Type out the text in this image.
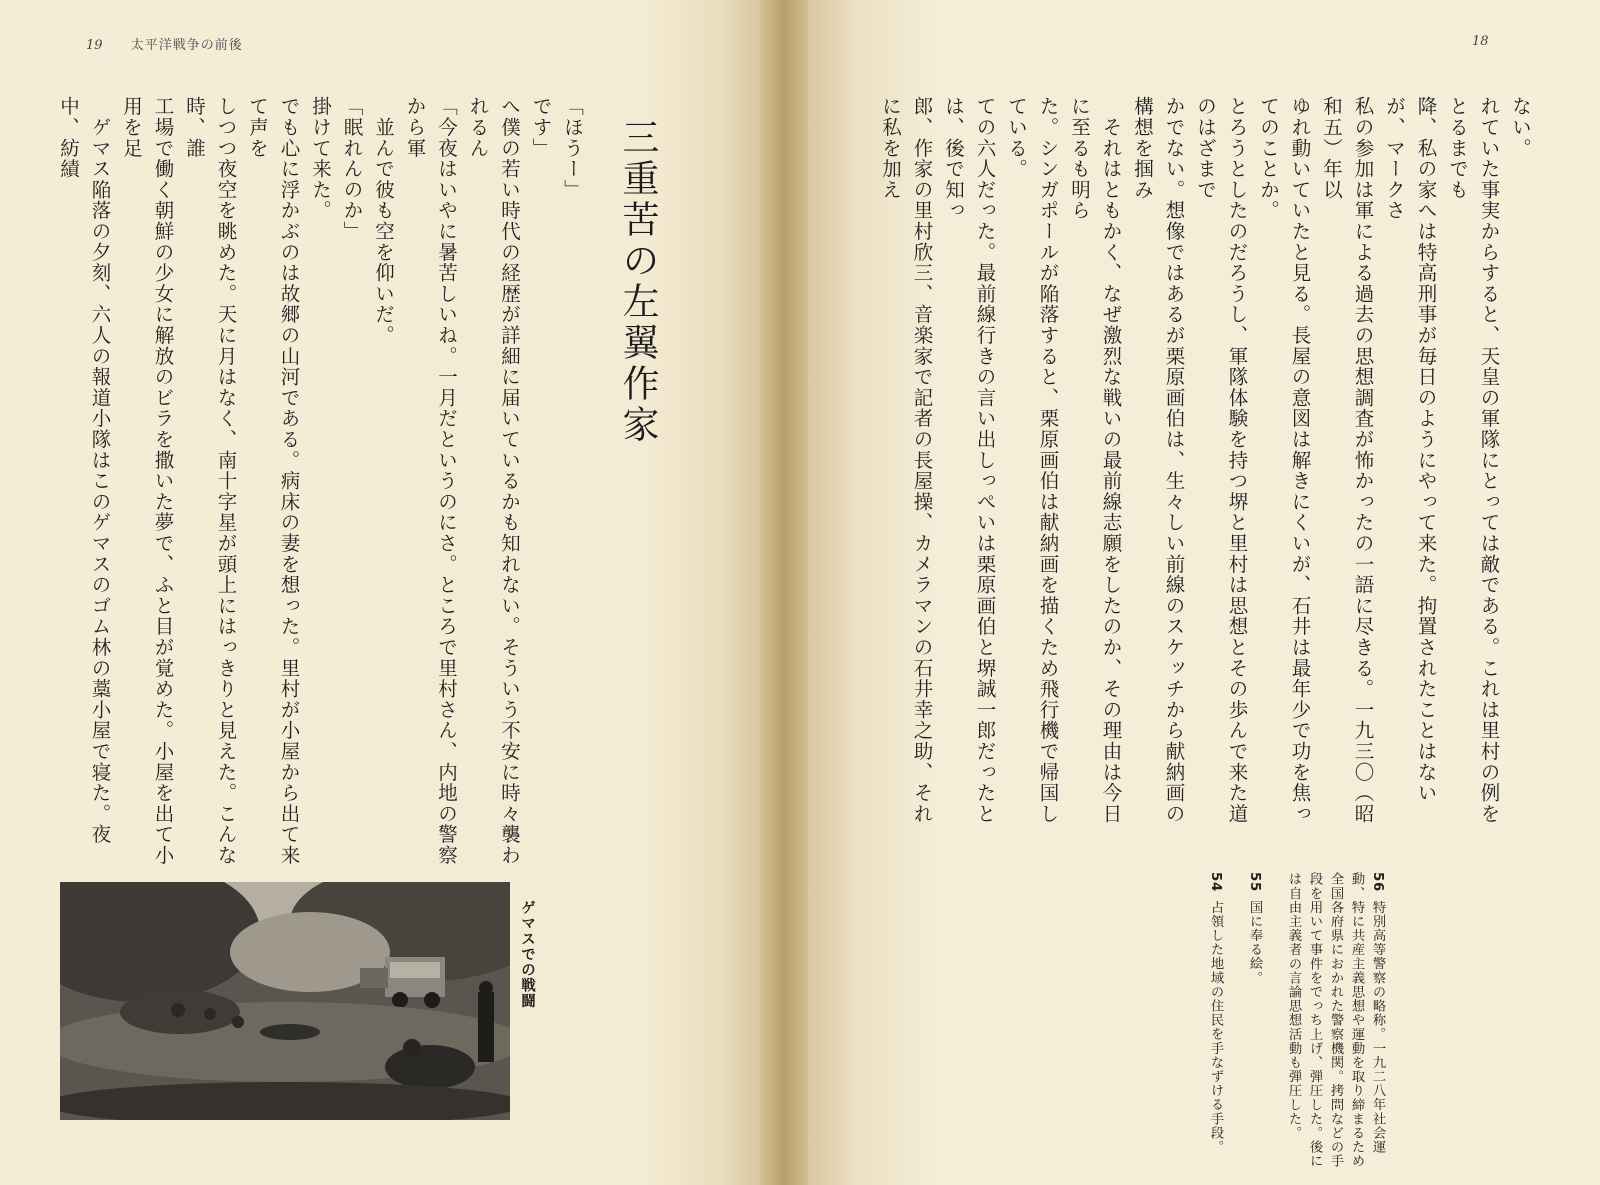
19 太平洋戦争の前後

「ほうー」

です」

へ僕の若い時代の経歴が詳細に届いているかも知れない。そういう不安に時々襲われるん

「今夜はいやに暑苦しいね。一月だというのにさ。ところで里村さん、内地の警察から軍

　並んで彼も空を仰いだ。

「眠れんのか」

掛けて来た。

でも心に浮かぶのは故郷の山河である。病床の妻を想った。里村が小屋から出て来て声を

しつつ夜空を眺めた。天に月はなく、南十字星が頭上にはっきりと見えた。こんな時、誰

工場で働く朝鮮の少女に解放のビラを撒いた夢で、ふと目が覚めた。小屋を出て小用を足

　ゲマス陥落の夕刻、六人の報道小隊はこのゲマスのゴム林の藁小屋で寝た。夜中、紡績	三重苦の左翼作家
ゲマスでの戦闘
18

ない。

れていた事実からすると、天皇の軍隊にとっては敵である。これは里村の例をとるまでも

降、私の家へは特高刑事が毎日のようにやって来た。拘置されたことはないが、マークさ

私の参加は軍による過去の思想調査が怖かったの一語に尽きる。一九三〇（昭和五）年以

ゆれ動いていたと見る。長屋の意図は解きにくいが、石井は最年少で功を焦ってのことか。

とろうとしたのだろうし、軍隊体験を持つ堺と里村は思想とその歩んで来た道のはざまで

かでない。想像ではあるが栗原画伯は、生々しい前線のスケッチから献納画の構想を掴み

　それはともかく、なぜ激烈な戦いの最前線志願をしたのか、その理由は今日に至るも明ら

た。シンガポールが陥落すると、栗原画伯は献納画を描くため飛行機で帰国している。

ての六人だった。最前線行きの言い出しっぺいは栗原画伯と堺誠一郎だったとは、後で知っ

郎、作家の里村欣三、音楽家で記者の長屋操、カメラマンの石井幸之助、それに私を加え

56特別高等警察の略称。一九二八年社会運動、特に共産主義思想や運動を取り締まるため全国各府県におかれた警察機関。拷問などの手段を用いて事件をでっち上げ、弾圧した。後には自由主義者の言論思想活動も弾圧した。

55国に奉る絵。

54占領した地域の住民を手なずける手段。
